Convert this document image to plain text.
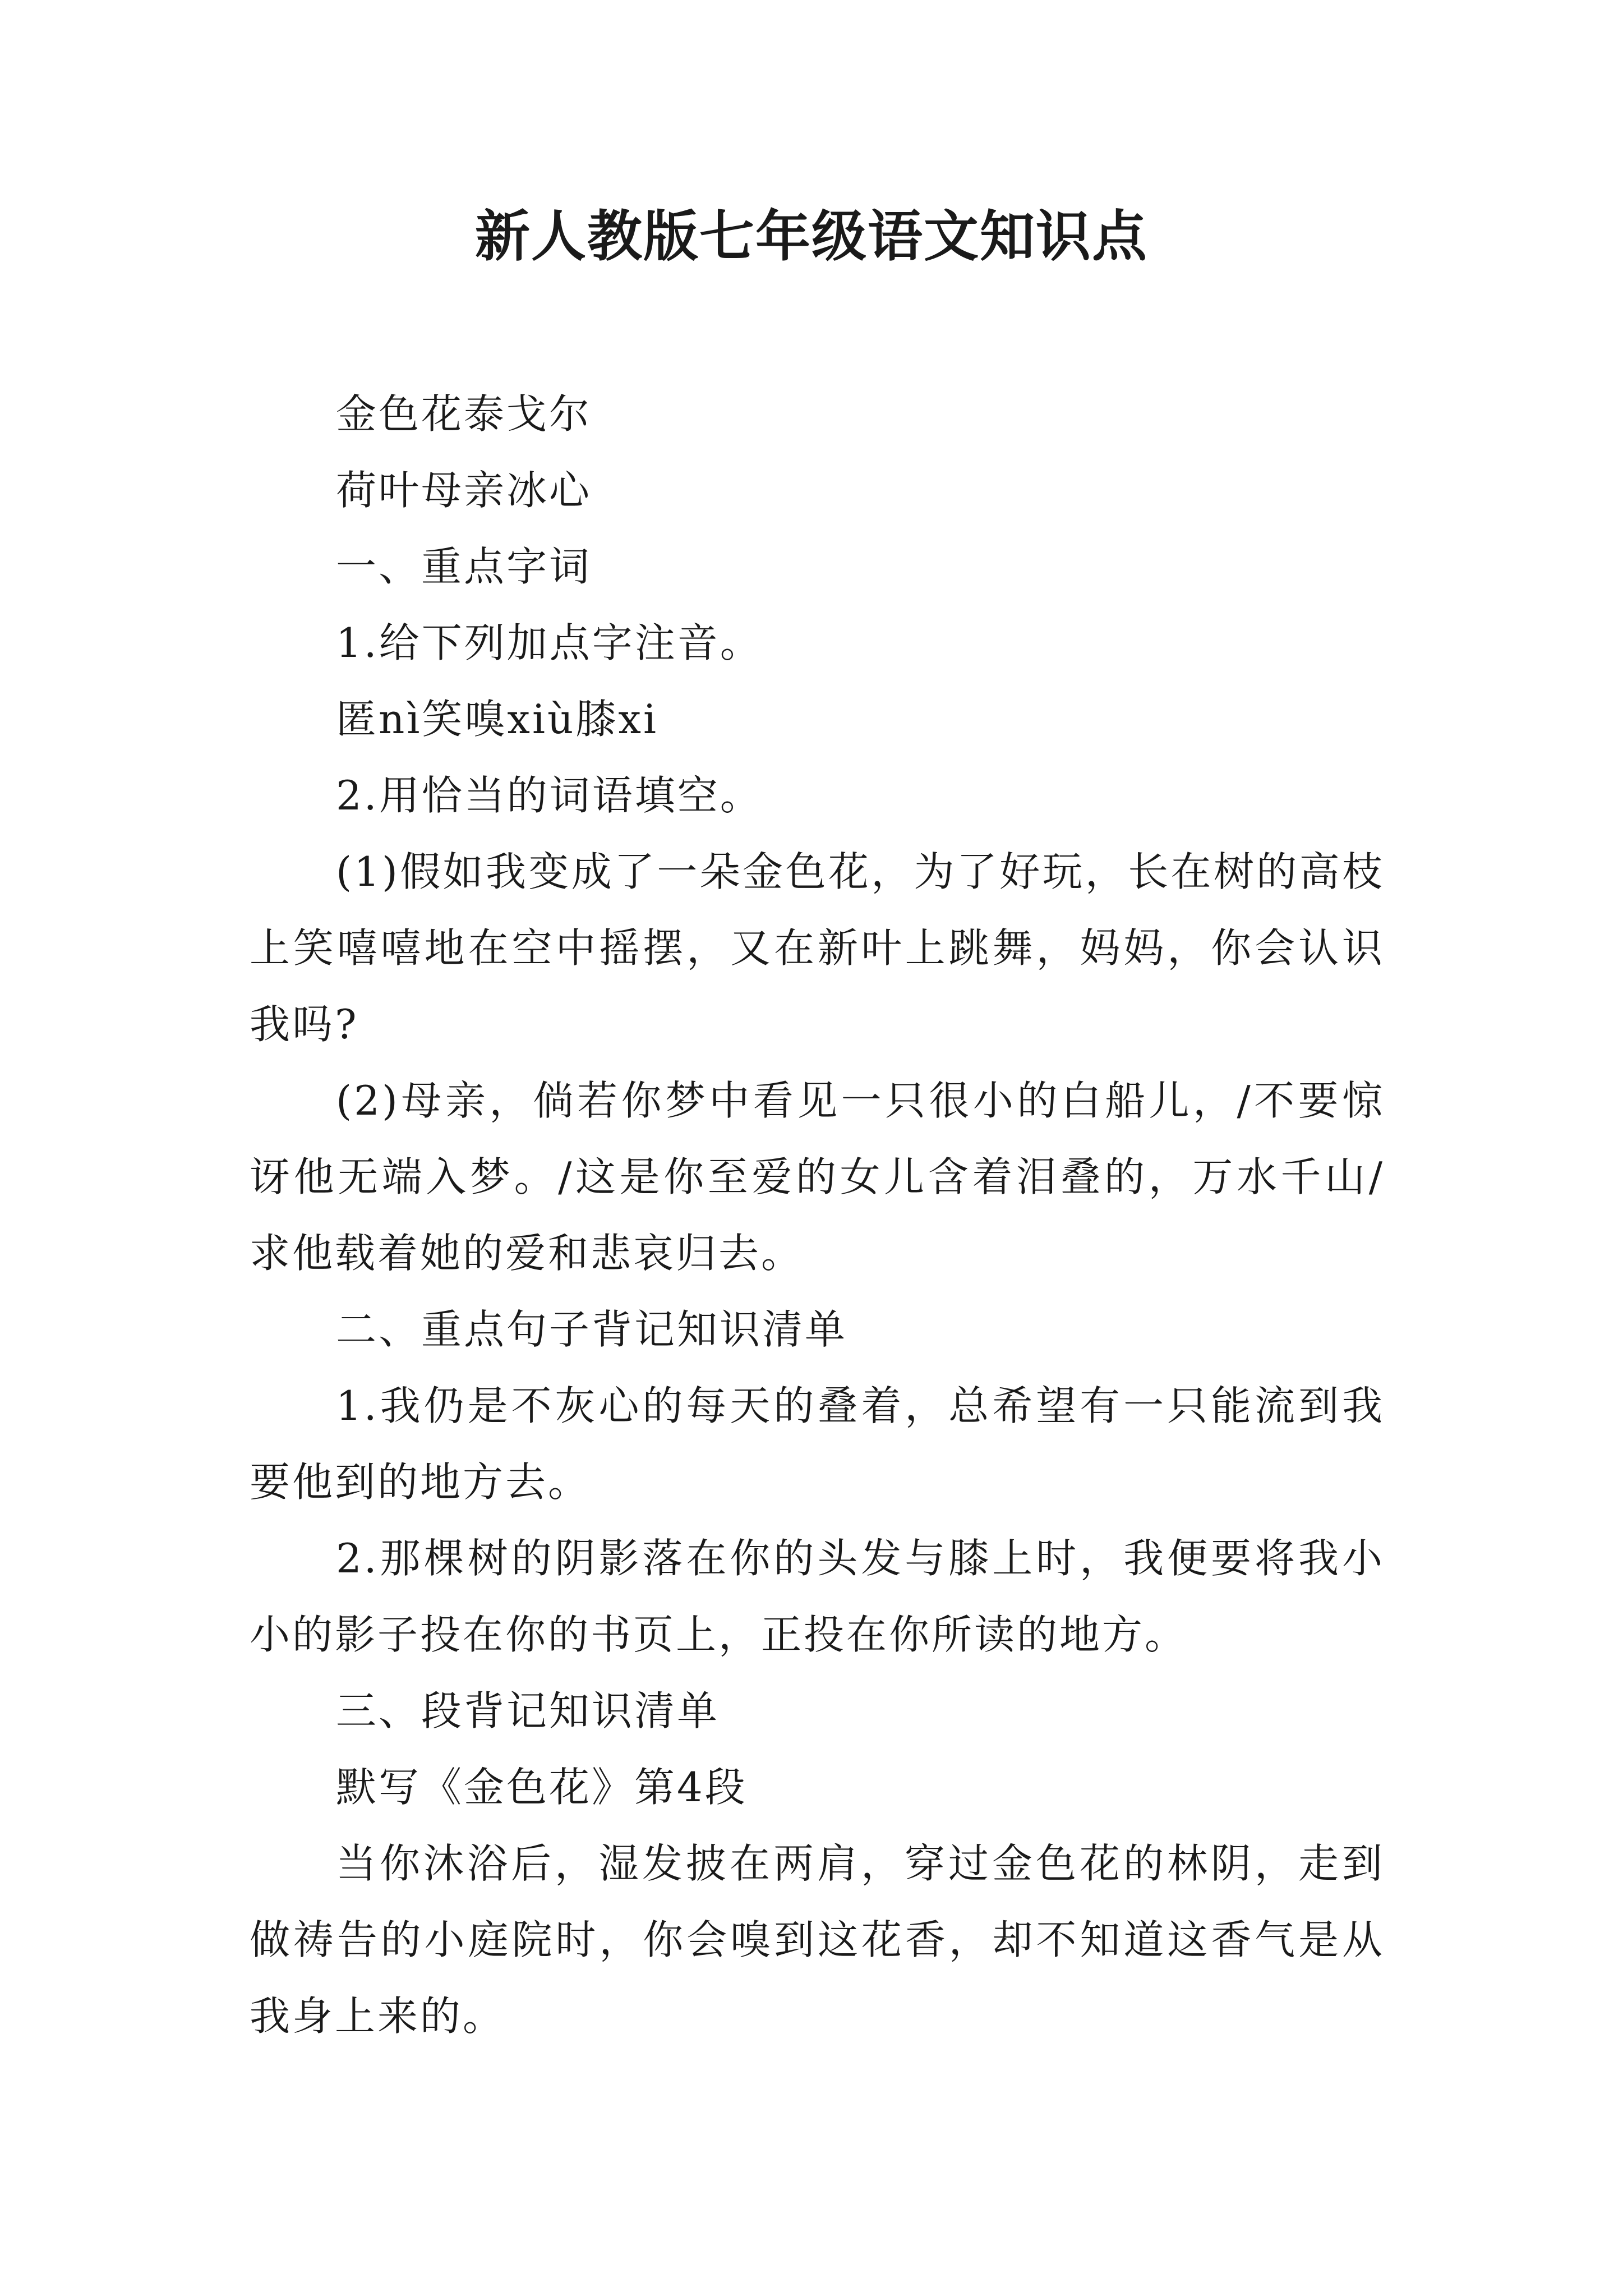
新人教版七年级语文知识点

金色花泰戈尔

荷叶母亲冰心

一、重点字词

1.给下列加点字注音。

匿nì笑嗅xiù膝xi

2.用恰当的词语填空。

(1)假如我变成了一朵金色花，为了好玩，长在树的高枝上笑嘻嘻地在空中摇摆，又在新叶上跳舞，妈妈，你会认识我吗?

(2)母亲，倘若你梦中看见一只很小的白船儿，/不要惊讶他无端入梦。/这是你至爱的女儿含着泪叠的，万水千山/求他载着她的爱和悲哀归去。

二、重点句子背记知识清单

1.我仍是不灰心的每天的叠着，总希望有一只能流到我要他到的地方去。

2.那棵树的阴影落在你的头发与膝上时，我便要将我小小的影子投在你的书页上，正投在你所读的地方。

三、段背记知识清单

默写《金色花》第4段

当你沐浴后，湿发披在两肩，穿过金色花的林阴，走到做祷告的小庭院时，你会嗅到这花香，却不知道这香气是从我身上来的。
